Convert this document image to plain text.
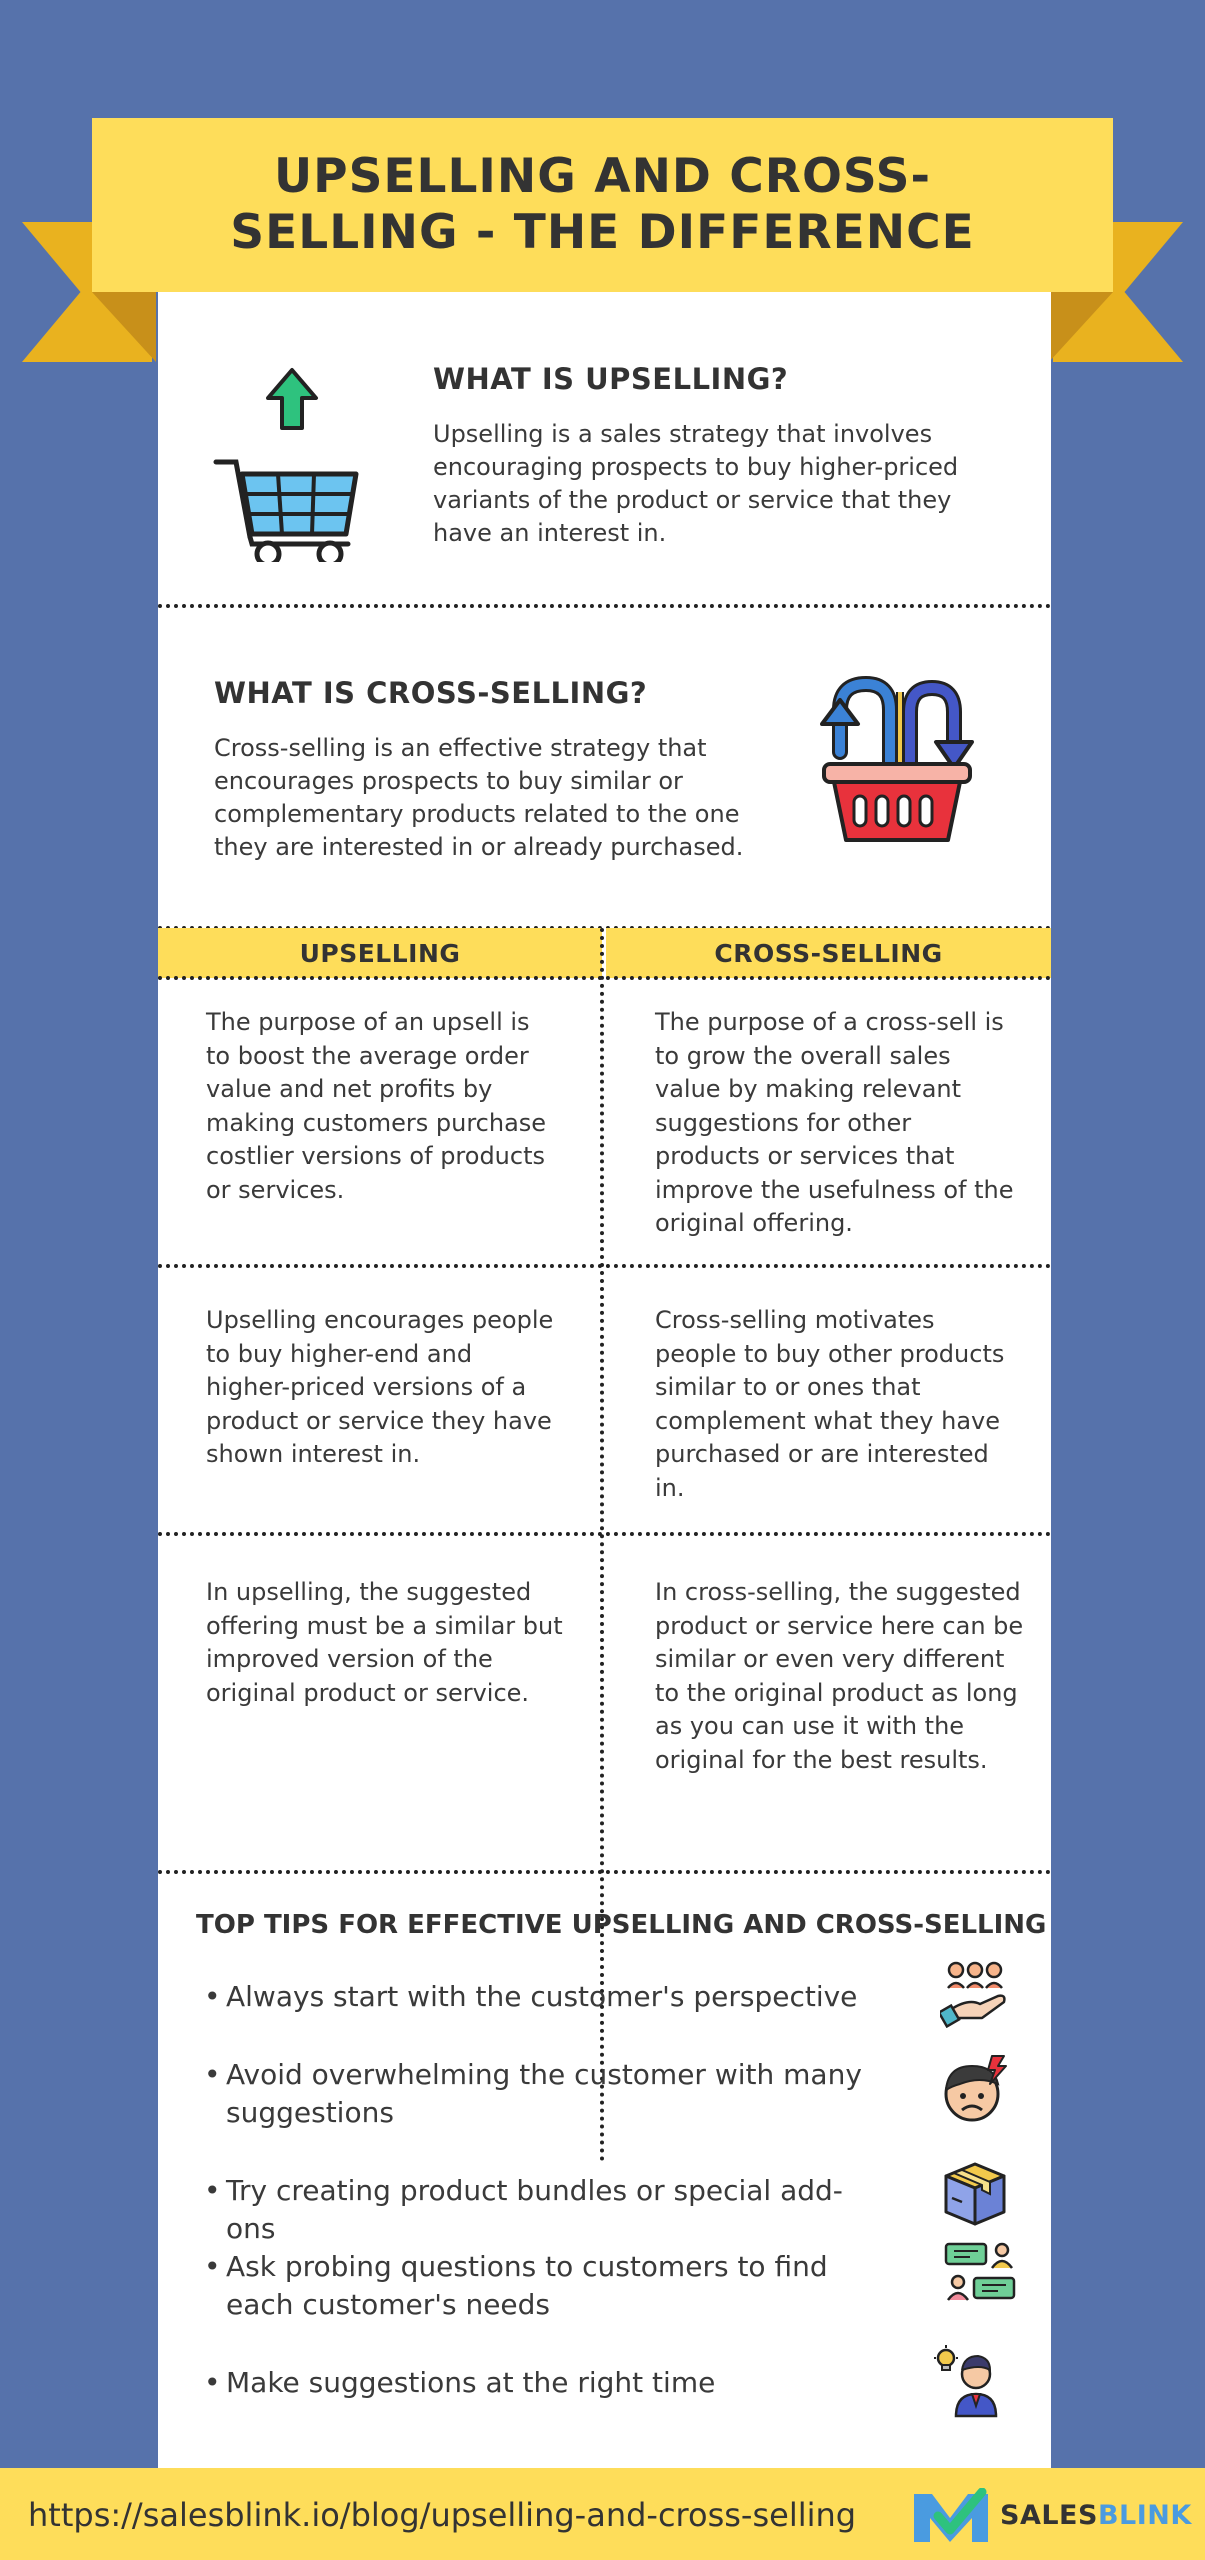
UPSELLING AND CROSS-SELLING - THE DIFFERENCE
WHAT IS UPSELLING?
Upselling is a sales strategy that involves encouraging prospects to buy higher-priced variants of the product or service that they have an interest in.
WHAT IS CROSS-SELLING?
Cross-selling is an effective strategy that encourages prospects to buy similar or complementary products related to the one they are interested in or already purchased.
UPSELLING	CROSS-SELLING
The purpose of an upsell is to boost the average order value and net profits by making customers purchase costlier versions of products or services.
The purpose of a cross-sell is to grow the overall sales value by making relevant suggestions for other products or services that improve the usefulness of the original offering.
Upselling encourages people to buy higher-end and higher-priced versions of a product or service they have shown interest in.
Cross-selling motivates people to buy other products similar to or ones that complement what they have purchased or are interested in.
In upselling, the suggested offering must be a similar but improved version of the original product or service.
In cross-selling, the suggested product or service here can be similar or even very different to the original product as long as you can use it with the original for the best results.
TOP TIPS FOR EFFECTIVE UPSELLING AND CROSS-SELLING
• Always start with the customer's perspective
• Avoid overwhelming the customer with many suggestions
• Try creating product bundles or special add-ons
• Ask probing questions to customers to find each customer's needs
• Make suggestions at the right time
https://salesblink.io/blog/upselling-and-cross-selling	SALESBLINK
